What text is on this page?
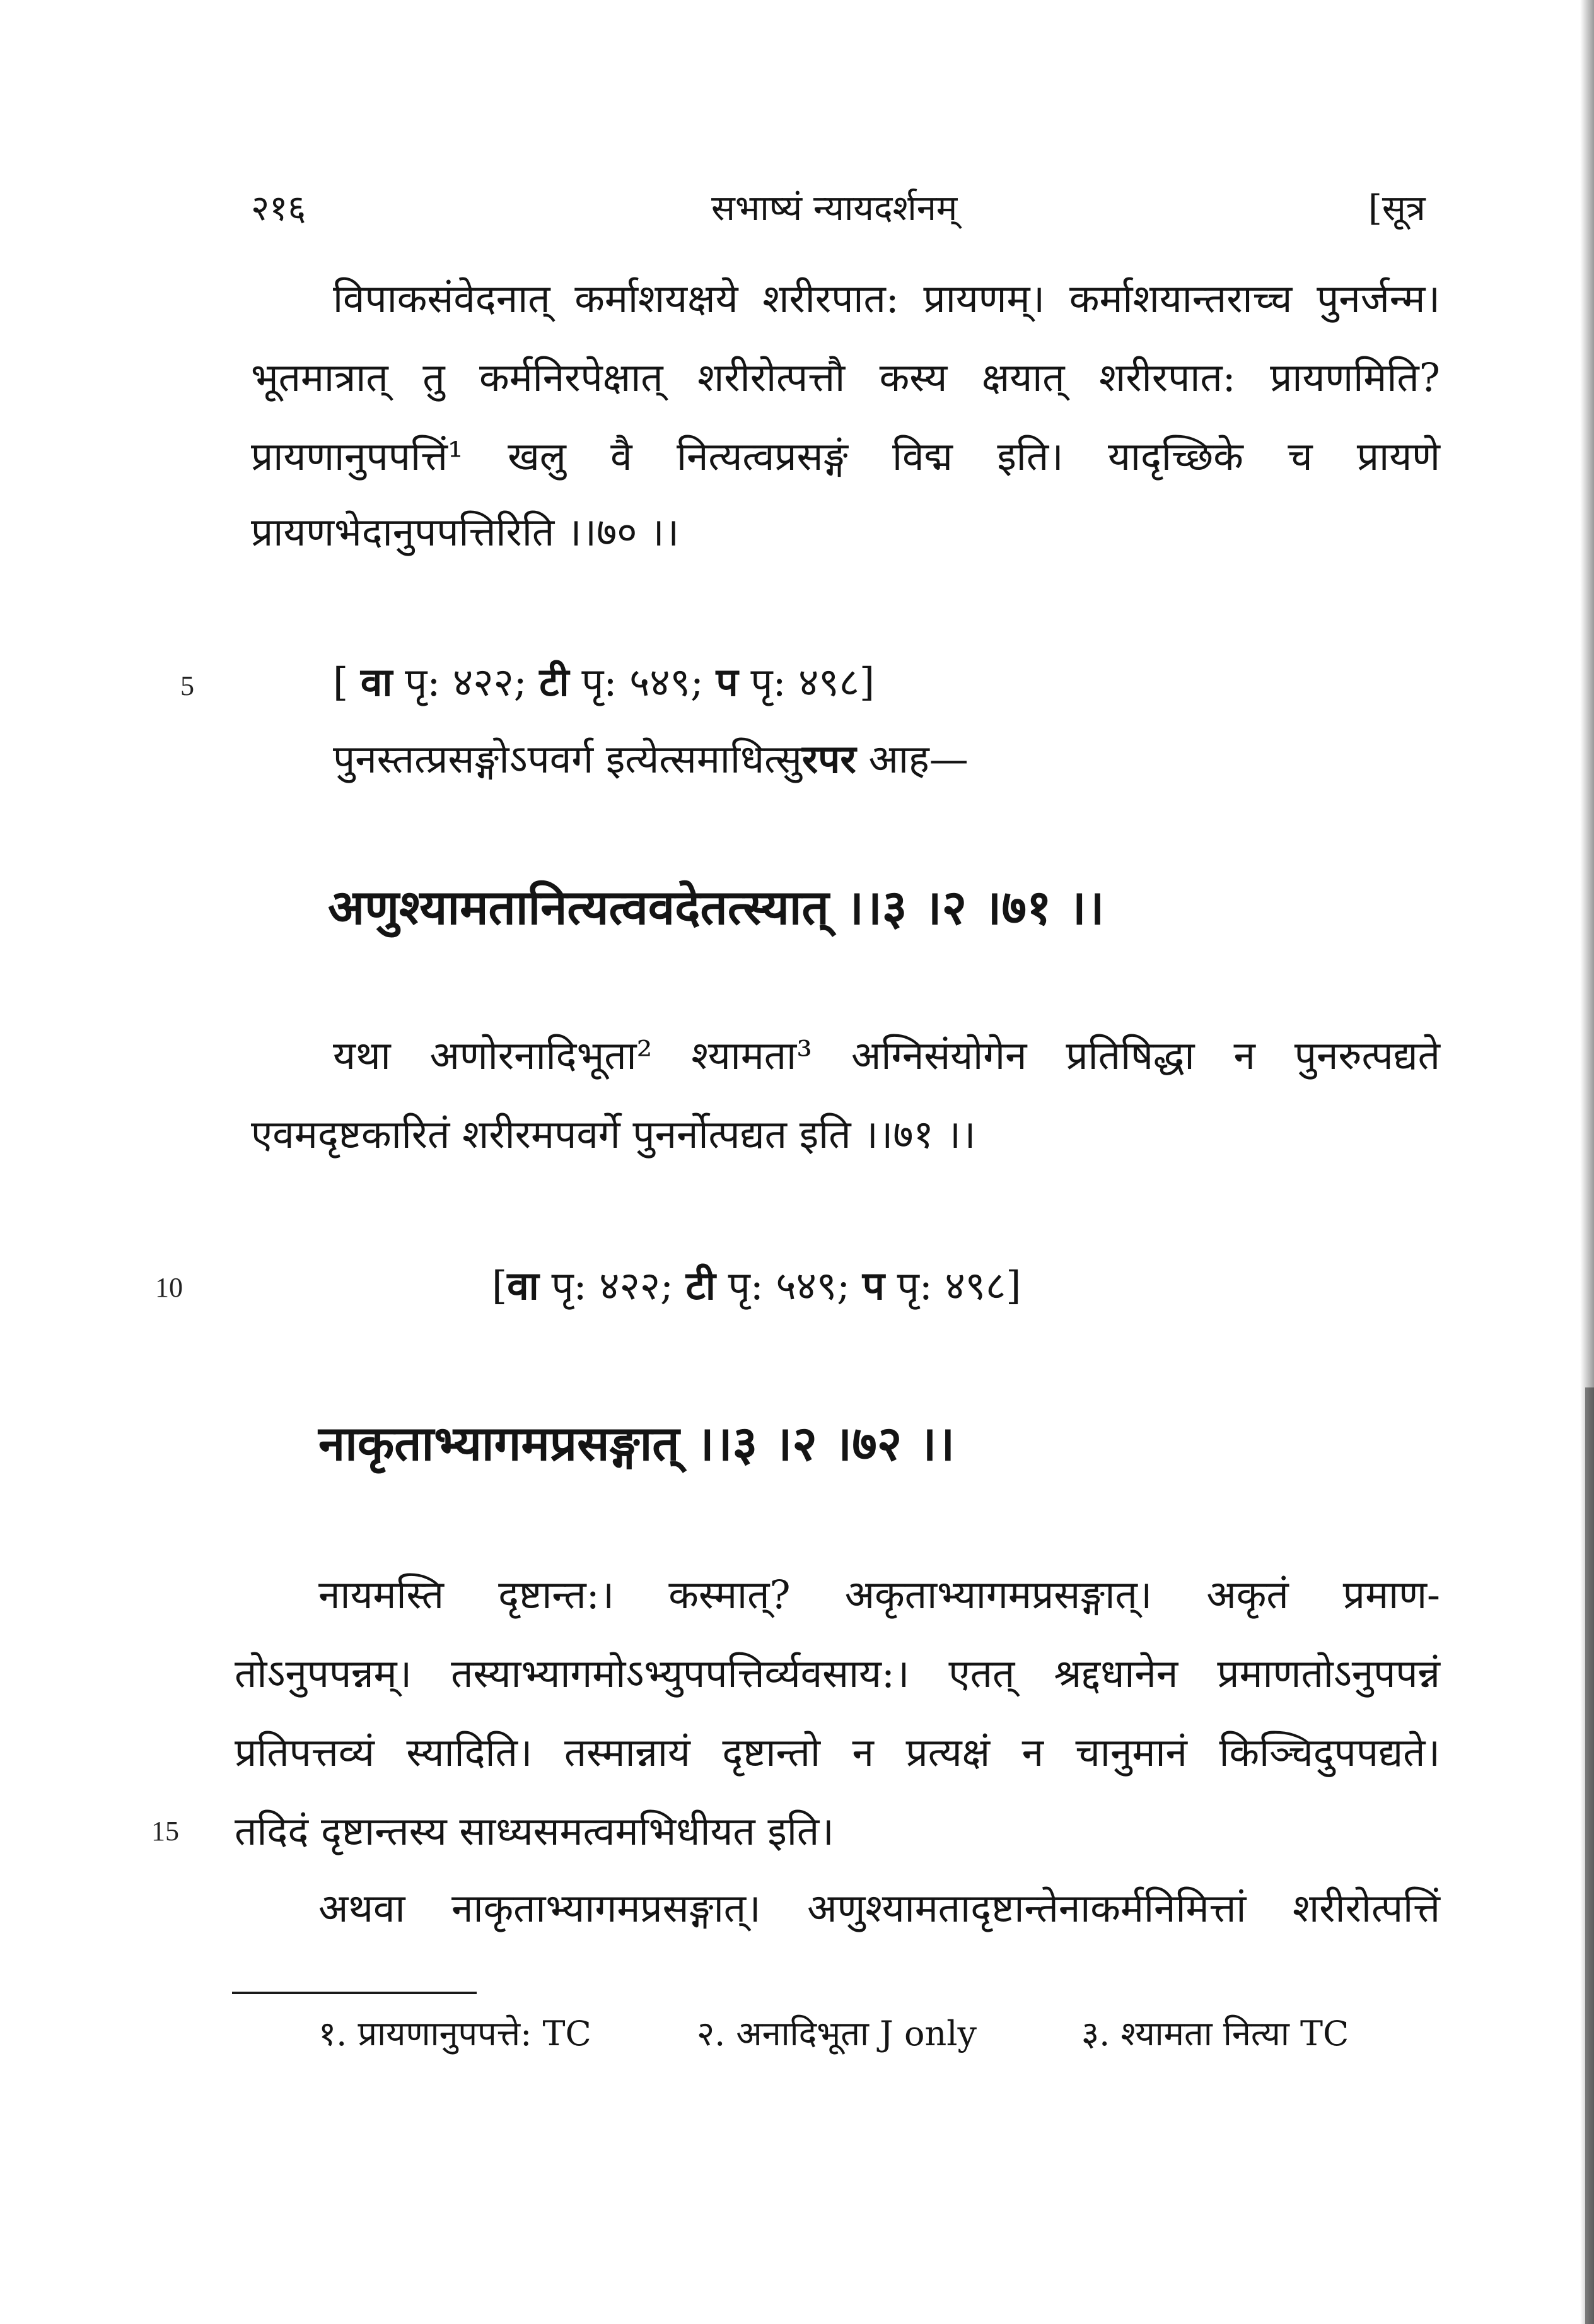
२१६	सभाष्यं न्यायदर्शनम्	[सूत्र
विपाकसंवेदनात् कर्माशयक्षये शरीरपात: प्रायणम्। कर्माशयान्तराच्च पुनर्जन्म।
भूतमात्रात् तु कर्मनिरपेक्षात् शरीरोत्पत्तौ कस्य क्षयात् शरीरपात: प्रायणमिति?
प्रायणानुपपत्तिं¹ खलु वै नित्यत्वप्रसङ्गं विद्म इति। यादृच्छिके च प्रायणे
प्रायणभेदानुपपत्तिरिति ।।७० ।।
5	[ वा पृ: ४२२; टी पृ: ५४९; प पृ: ४९८]
पुनस्तत्प्रसङ्गोऽपवर्ग इत्येत्समाधित्सुरपर आह—
अणुश्यामतानित्यत्ववदेतत्स्यात् ।।३ ।२ ।७१ ।।
यथा अणोरनादिभूता² श्यामता³ अग्निसंयोगेन प्रतिषिद्धा न पुनरुत्पद्यते
एवमदृष्टकारितं शरीरमपवर्गे पुनर्नोत्पद्यत इति ।।७१ ।।
10	[वा पृ: ४२२; टी पृ: ५४९; प पृ: ४९८]
नाकृताभ्यागमप्रसङ्गात् ।।३ ।२ ।७२ ।।
नायमस्ति दृष्टान्त:। कस्मात्? अकृताभ्यागमप्रसङ्गात्। अकृतं प्रमाण-
तोऽनुपपन्नम्। तस्याभ्यागमोऽभ्युपपत्तिर्व्यवसाय:। एतत् श्रद्दधानेन प्रमाणतोऽनुपपन्नं
प्रतिपत्तव्यं स्यादिति। तस्मान्नायं दृष्टान्तो न प्रत्यक्षं न चानुमानं किञ्चिदुपपद्यते।
15 तदिदं दृष्टान्तस्य साध्यसमत्वमभिधीयत इति।
अथवा नाकृताभ्यागमप्रसङ्गात्। अणुश्यामतादृष्टान्तेनाकर्मनिमित्तां शरीरोत्पत्तिं
१. प्रायणानुपपत्ते: TC	२. अनादिभूता J only	३. श्यामता नित्या TC
